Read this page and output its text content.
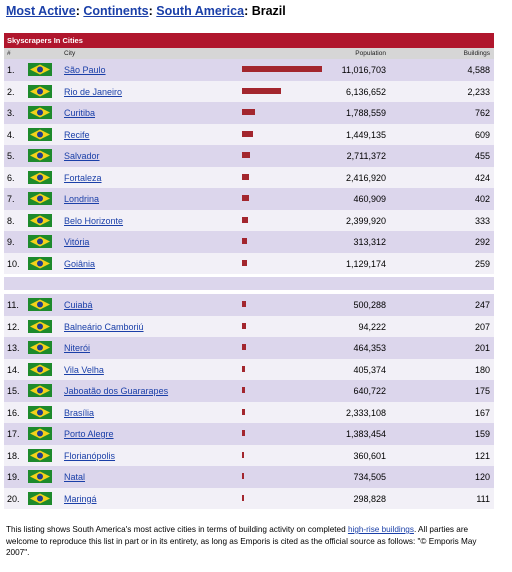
Most Active: Continents: South America: Brazil
Skyscrapers In Cities
#	City	Population	Buildings
1.	São Paulo	11,016,703	4,588
2.	Rio de Janeiro	6,136,652	2,233
3.	Curitiba	1,788,559	762
4.	Recife	1,449,135	609
5.	Salvador	2,711,372	455
6.	Fortaleza	2,416,920	424
7.	Londrina	460,909	402
8.	Belo Horizonte	2,399,920	333
9.	Vitória	313,312	292
10.	Goiânia	1,129,174	259
11.	Cuiabá	500,288	247
12.	Balneário Camboriú	94,222	207
13.	Niterói	464,353	201
14.	Vila Velha	405,374	180
15.	Jaboatão dos Guararapes	640,722	175
16.	Brasília	2,333,108	167
17.	Porto Alegre	1,383,454	159
18.	Florianópolis	360,601	121
19.	Natal	734,505	120
20.	Maringá	298,828	111
This listing shows South America's most active cities in terms of building activity on completed high-rise buildings. All parties are welcome to reproduce this list in part or in its entirety, as long as Emporis is cited as the official source as follows: "© Emporis May 2007".
